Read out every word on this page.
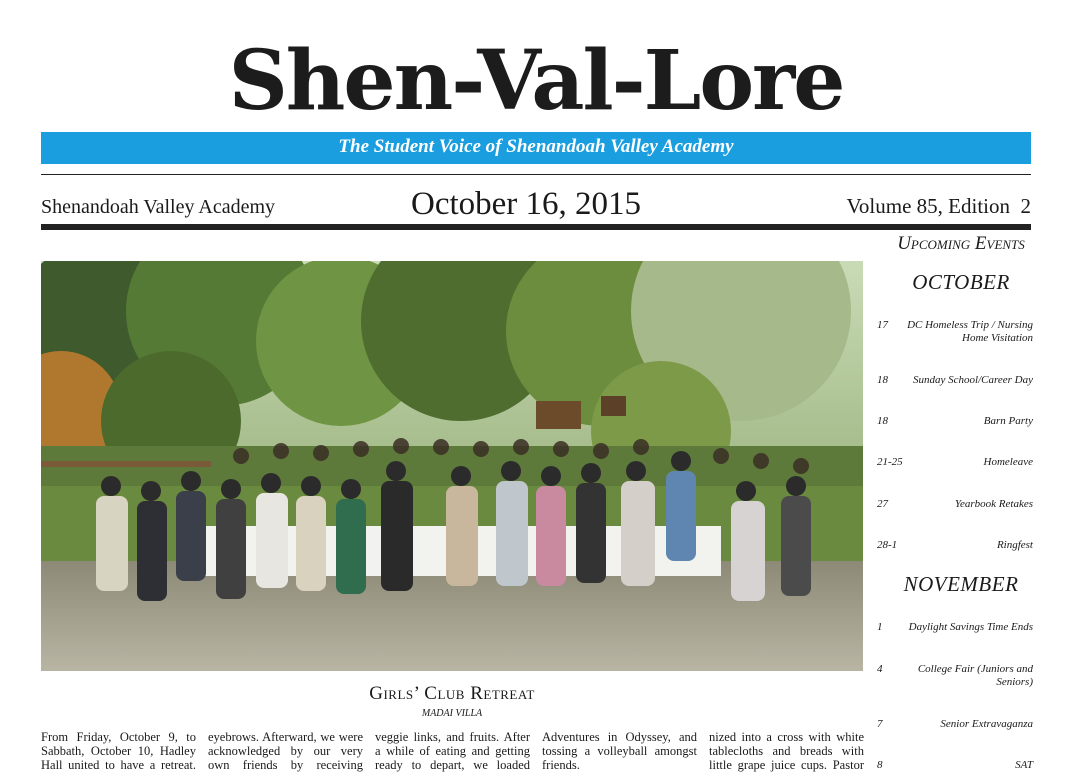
Shen-Val-Lore
The Student Voice of Shenandoah Valley Academy
Shenandoah Valley Academy	October 16, 2015	Volume 85, Edition  2
Girls’ Club Retreat
MADAI VILLA
From Friday, October 9, to Sabbath, October 10, Hadley Hall united to have a retreat.
eyebrows. Afterward, we were acknowledged by our very own friends by receiving
veggie links, and fruits. After a while of eating and getting ready to depart, we loaded
Adventures in Odyssey, and tossing a volleyball amongst friends.
nized into a cross with white tablecloths and breads with little grape juice cups. Pastor
Upcoming Events
OCTOBER
17	DC Homeless Trip / Nursing Home Visitation
18	Sunday School/Career Day
18	Barn Party
21-25	Homeleave
27	Yearbook Retakes
28-1	Ringfest
NOVEMBER
1	Daylight Savings Time Ends
4	College Fair (Juniors and Seniors)
7	Senior Extravaganza
8	SAT
